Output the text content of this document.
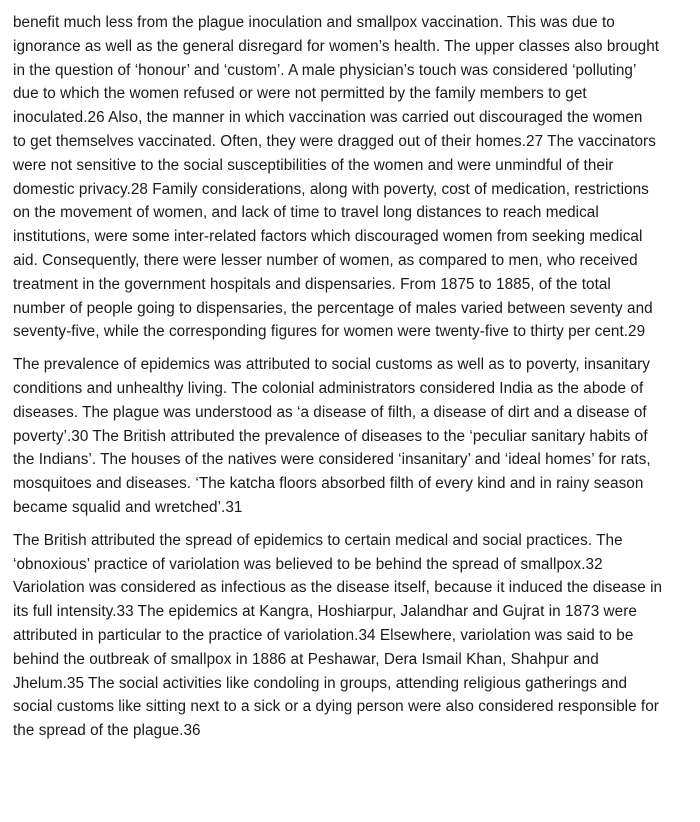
benefit much less from the plague inoculation and smallpox vaccination. This was due to
ignorance as well as the general disregard for women’s health. The upper classes also brought
in the question of ‘honour’ and ‘custom’. A male physician’s touch was considered ‘polluting’
due to which the women refused or were not permitted by the family members to get
inoculated.26 Also, the manner in which vaccination was carried out discouraged the women
to get themselves vaccinated. Often, they were dragged out of their homes.27 The vaccinators
were not sensitive to the social susceptibilities of the women and were unmindful of their
domestic privacy.28 Family considerations, along with poverty, cost of medication, restrictions
on the movement of women, and lack of time to travel long distances to reach medical
institutions, were some inter-related factors which discouraged women from seeking medical
aid. Consequently, there were lesser number of women, as compared to men, who received
treatment in the government hospitals and dispensaries. From 1875 to 1885, of the total
number of people going to dispensaries, the percentage of males varied between seventy and
seventy-five, while the corresponding figures for women were twenty-five to thirty per cent.29
The prevalence of epidemics was attributed to social customs as well as to poverty, insanitary
conditions and unhealthy living. The colonial administrators considered India as the abode of
diseases. The plague was understood as ‘a disease of filth, a disease of dirt and a disease of
poverty’.30 The British attributed the prevalence of diseases to the ‘peculiar sanitary habits of
the Indians’. The houses of the natives were considered ‘insanitary’ and ‘ideal homes’ for rats,
mosquitoes and diseases. ‘The katcha floors absorbed filth of every kind and in rainy season
became squalid and wretched’.31
The British attributed the spread of epidemics to certain medical and social practices. The
‘obnoxious’ practice of variolation was believed to be behind the spread of smallpox.32
Variolation was considered as infectious as the disease itself, because it induced the disease in
its full intensity.33 The epidemics at Kangra, Hoshiarpur, Jalandhar and Gujrat in 1873 were
attributed in particular to the practice of variolation.34 Elsewhere, variolation was said to be
behind the outbreak of smallpox in 1886 at Peshawar, Dera Ismail Khan, Shahpur and
Jhelum.35 The social activities like condoling in groups, attending religious gatherings and
social customs like sitting next to a sick or a dying person were also considered responsible for
the spread of the plague.36
